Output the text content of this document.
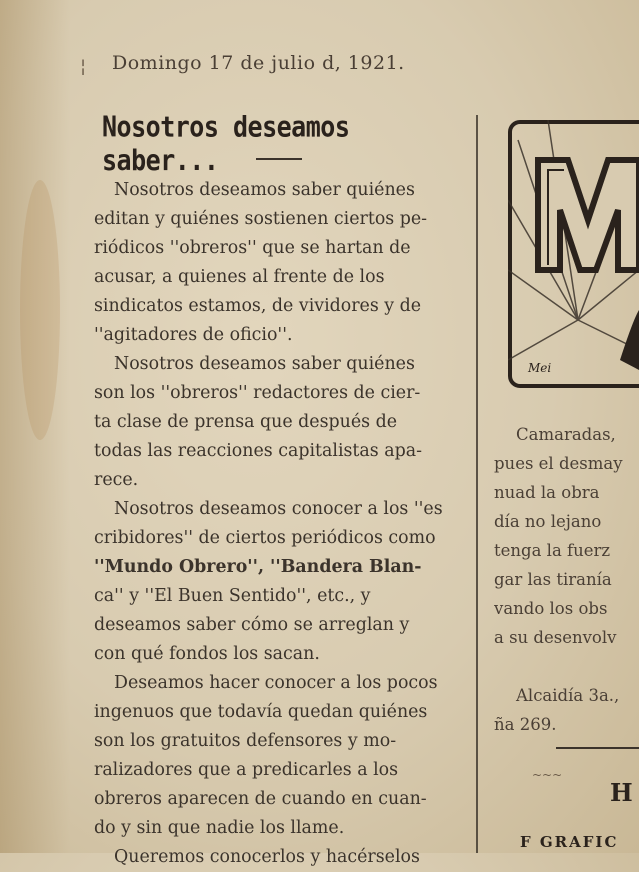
¦ Domingo 17 de julio d, 1921.
Nosotros deseamos saber...
Nosotros deseamos saber quiénes
editan y quiénes sostienen ciertos pe-
riódicos ''obreros'' que se hartan de
acusar, a quienes al frente de los
sindicatos estamos, de vividores y de
''agitadores de oficio''.
Nosotros deseamos saber quiénes
son los ''obreros'' redactores de cier-
ta clase de prensa que después de
todas las reacciones capitalistas apa-
rece.
Nosotros deseamos conocer a los ''es
cribidores'' de ciertos periódicos como
''Mundo Obrero'', ''Bandera Blan-
ca'' y ''El Buen Sentido'', etc., y
deseamos saber cómo se arreglan y
con qué fondos los sacan.
Deseamos hacer conocer a los pocos
ingenuos que todavía quedan quiénes
son los gratuitos defensores y mo-
ralizadores que a predicarles a los
obreros aparecen de cuando en cuan-
do y sin que nadie los llame.
Queremos conocerlos y hacérselos
Mei
Camaradas,
pues el desmay
nuad la obra
día no lejano
tenga la fuerz
gar las tiranía
vando los obs
a su desenvolv

Alcaidía 3a.,
ña 269.
~~~
H
F GRAFIC
